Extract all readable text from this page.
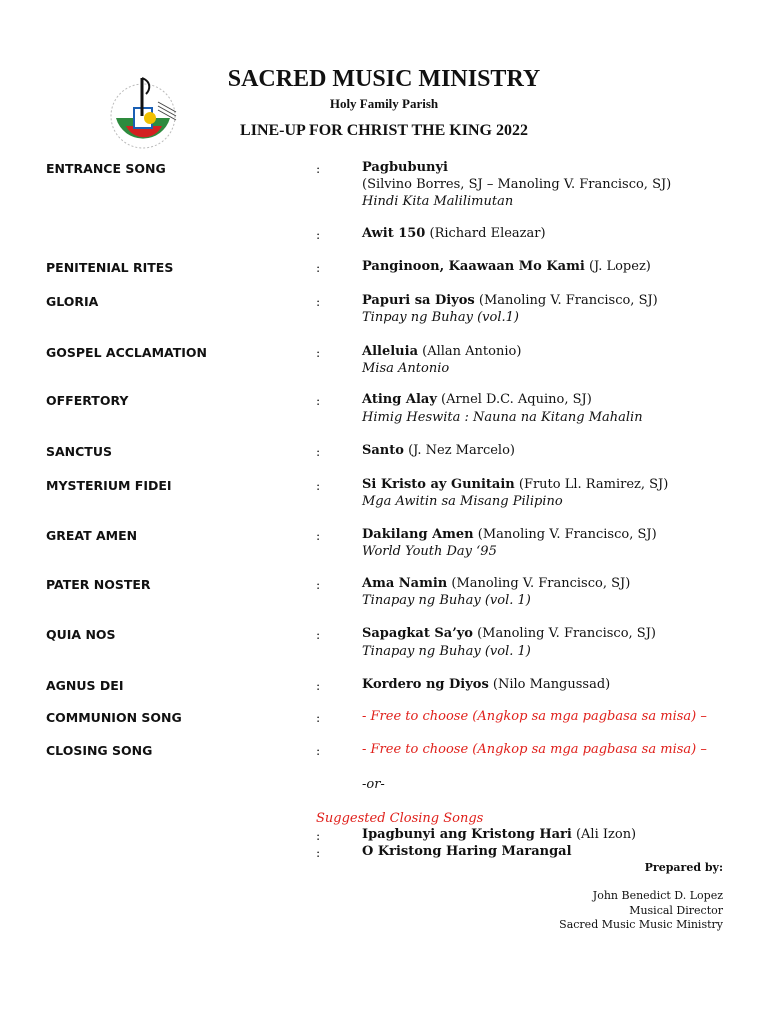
SACRED MUSIC MINISTRY
Holy Family Parish
LINE-UP FOR CHRIST THE KING 2022
ENTRANCE SONG	:	Pagbubunyi
(Silvino Borres, SJ – Manoling V. Francisco, SJ)
Hindi Kita Malilimutan
:	Awit 150 (Richard Eleazar)
PENITENIAL RITES	:	Panginoon, Kaawaan Mo Kami (J. Lopez)
GLORIA	:	Papuri sa Diyos (Manoling V. Francisco, SJ)
Tinpay ng Buhay (vol.1)
GOSPEL ACCLAMATION	:	Alleluia (Allan Antonio)
Misa Antonio
OFFERTORY	:	Ating Alay (Arnel D.C. Aquino, SJ)
Himig Heswita : Nauna na Kitang Mahalin
SANCTUS	:	Santo (J. Nez Marcelo)
MYSTERIUM FIDEI	:	Si Kristo ay Gunitain (Fruto Ll. Ramirez, SJ)
Mga Awitin sa Misang Pilipino
GREAT AMEN	:	Dakilang Amen (Manoling V. Francisco, SJ)
World Youth Day ‘95
PATER NOSTER	:	Ama Namin (Manoling V. Francisco, SJ)
Tinapay ng Buhay (vol. 1)
QUIA NOS	:	Sapagkat Sa’yo (Manoling V. Francisco, SJ)
Tinapay ng Buhay (vol. 1)
AGNUS DEI	:	Kordero ng Diyos (Nilo Mangussad)
COMMUNION SONG	:	- Free to choose (Angkop sa mga pagbasa sa misa) –
CLOSING SONG	:	- Free to choose (Angkop sa mga pagbasa sa misa) –
-or-
Suggested Closing Songs
:	Ipagbunyi ang Kristong Hari (Ali Izon)
:	O Kristong Haring Marangal
Prepared by:
John Benedict D. Lopez
Musical Director
Sacred Music Music Ministry
